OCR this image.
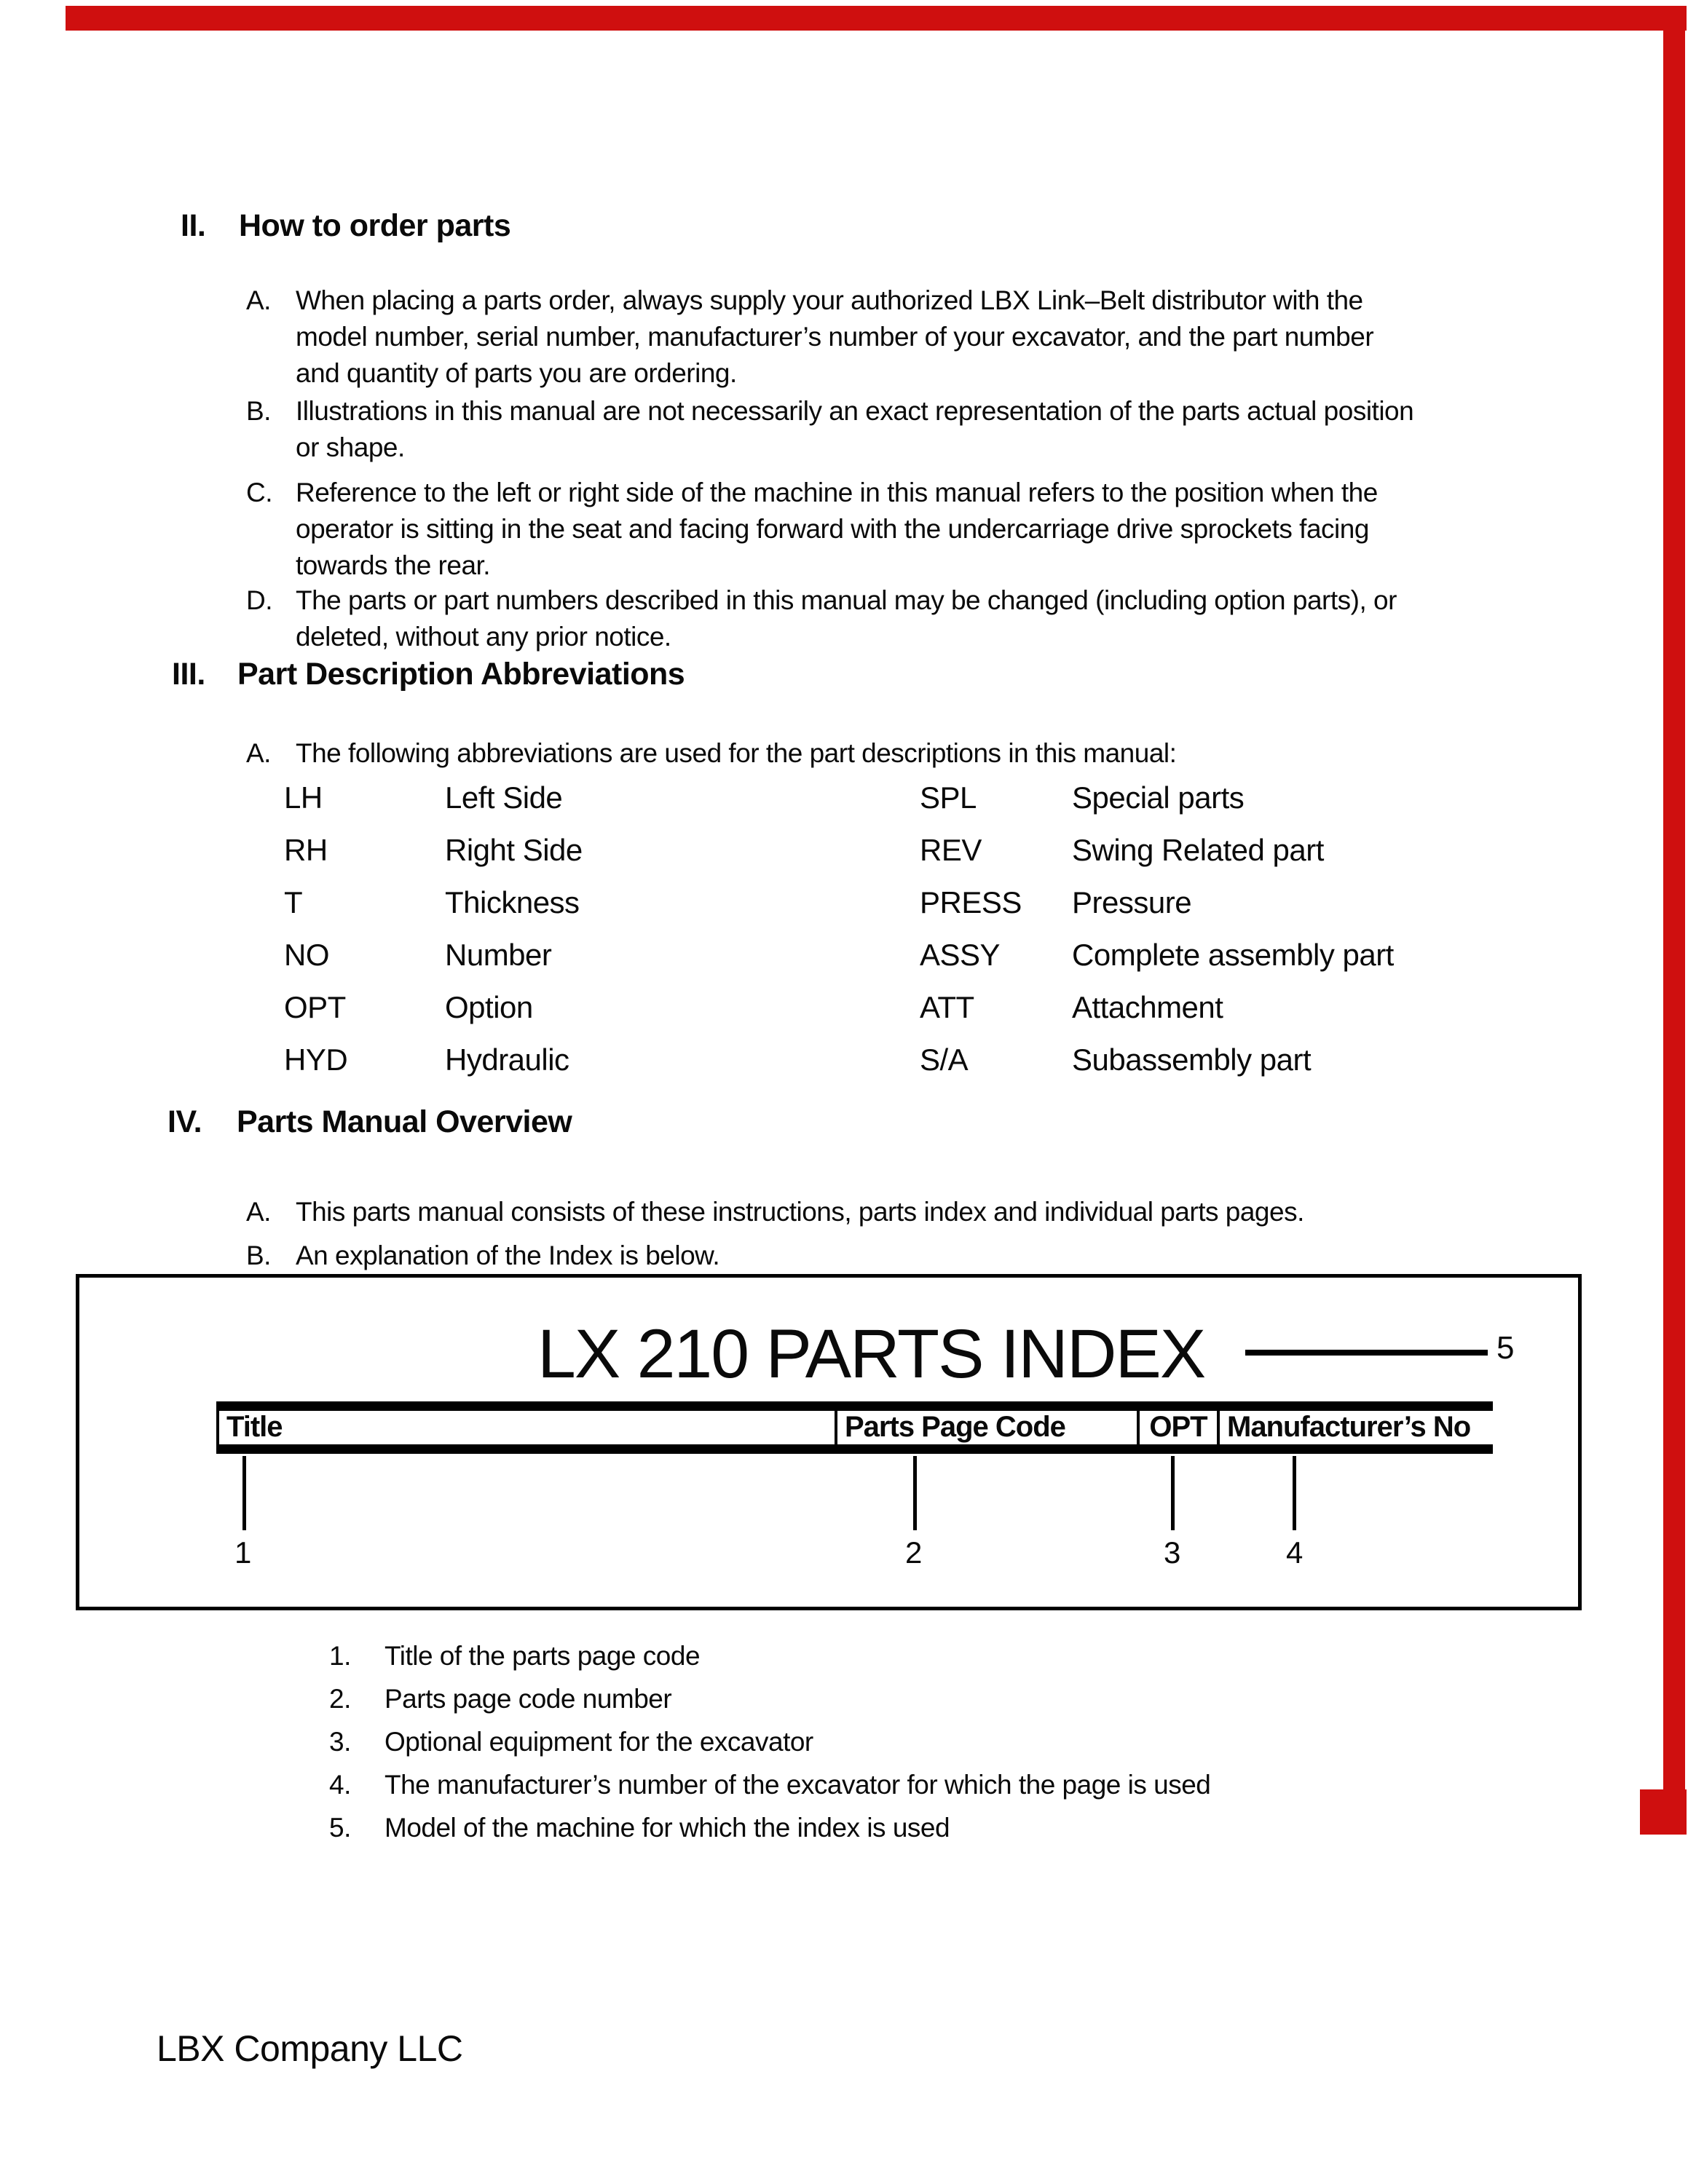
II. How to order parts
A. When placing a parts order, always supply your authorized LBX Link–Belt distributor with the
model number, serial number, manufacturer’s number of your excavator, and the part number
and quantity of parts you are ordering.
B. Illustrations in this manual are not necessarily an exact representation of the parts actual position
or shape.
C. Reference to the left or right side of the machine in this manual refers to the position when the
operator is sitting in the seat and facing forward with the undercarriage drive sprockets facing
towards the rear.
D. The parts or part numbers described in this manual may be changed (including option parts), or
deleted, without any prior notice.
III. Part Description Abbreviations
A. The following abbreviations are used for the part descriptions in this manual:
LH	Left Side	SPL	Special parts
RH	Right Side	REV	Swing Related part
T	Thickness	PRESS Pressure
NO	Number	ASSY Complete assembly part
OPT	Option	ATT	Attachment
HYD	Hydraulic	S/A	Subassembly part
IV. Parts Manual Overview
A. This parts manual consists of these instructions, parts index and individual parts pages.
B. An explanation of the Index is below.
LX 210 PARTS INDEX	5
Title	Parts Page Code	OPT Manufacturer’s No
1	2	3	4
1. Title of the parts page code
2. Parts page code number
3. Optional equipment for the excavator
4. The manufacturer’s number of the excavator for which the page is used
5. Model of the machine for which the index is used
LBX Company LLC
